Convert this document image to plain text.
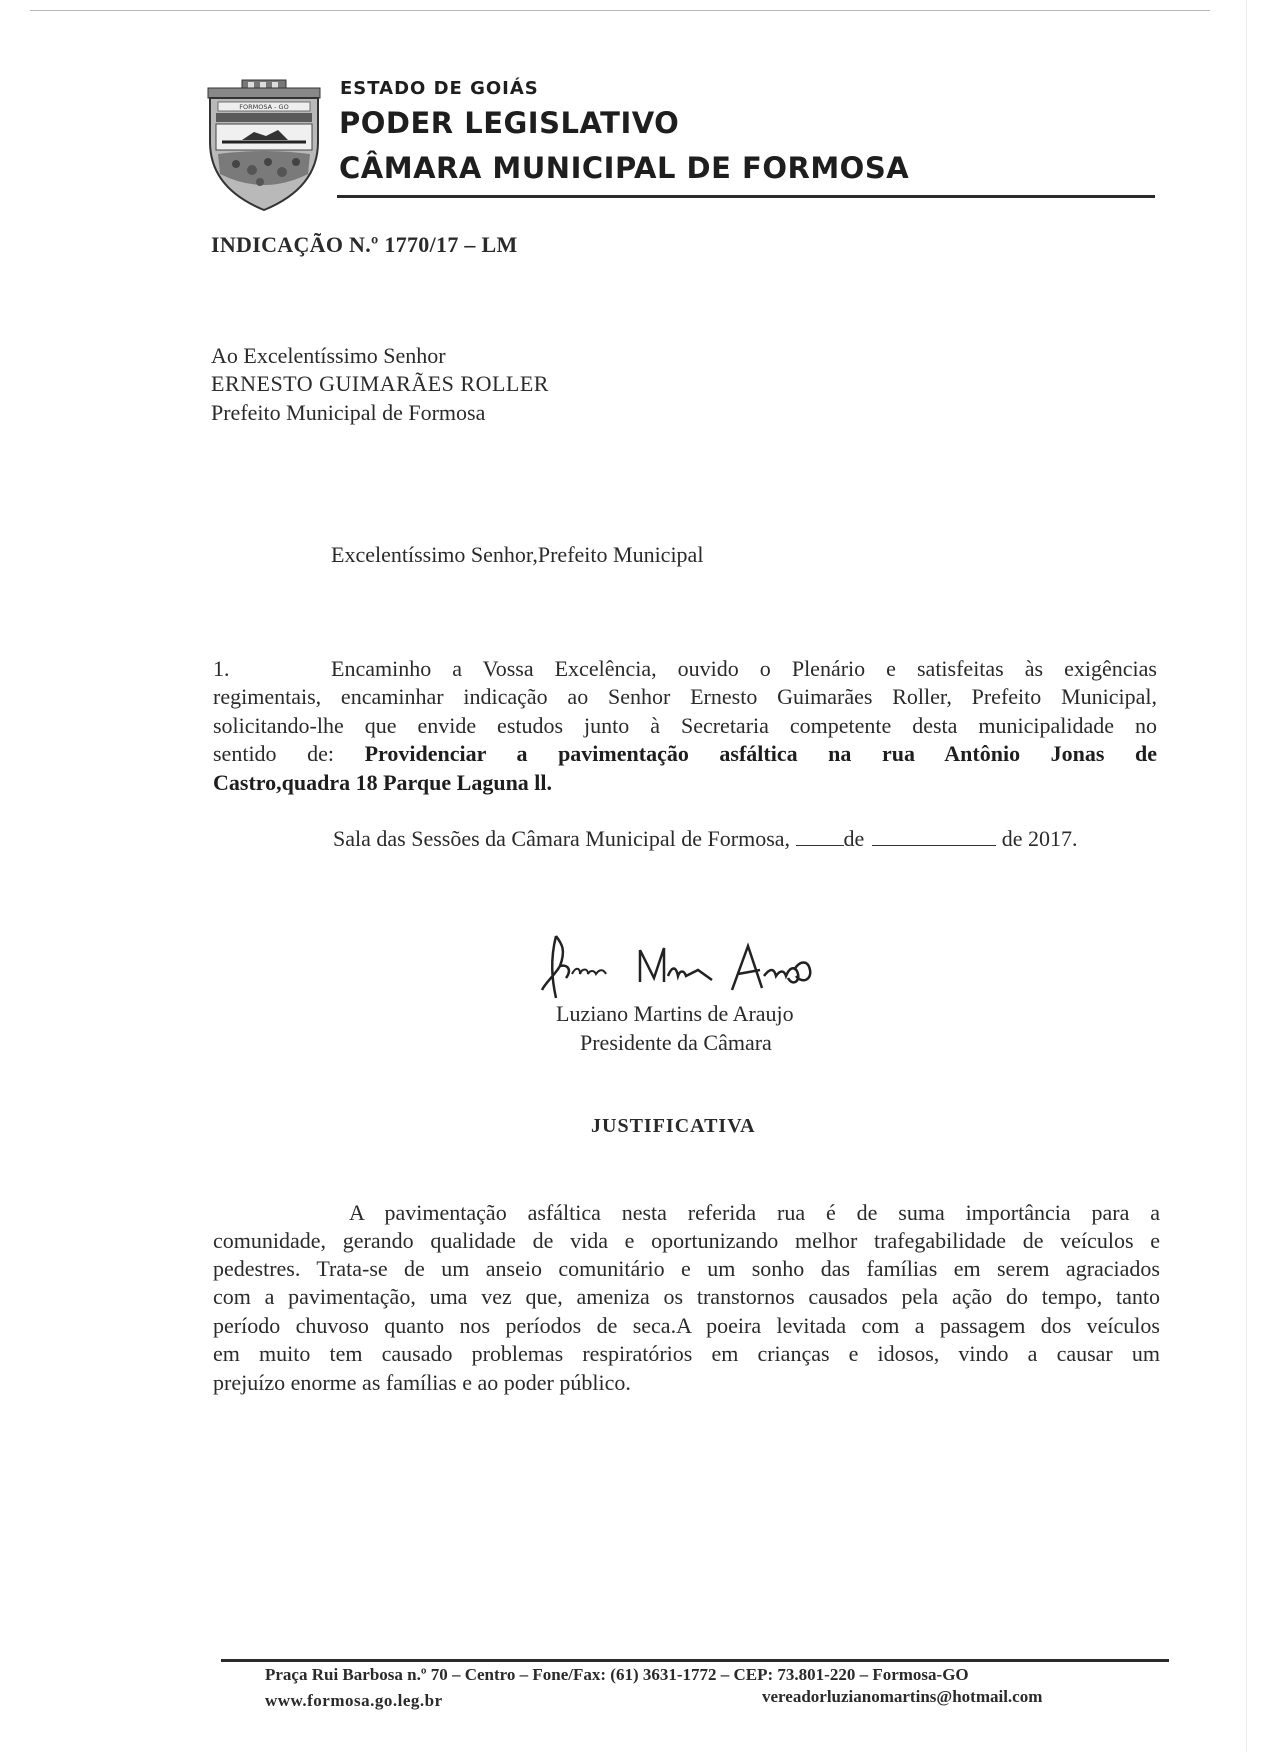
FORMOSA - GO
ESTADO DE GOIÁS
PODER LEGISLATIVO
CÂMARA MUNICIPAL DE FORMOSA
INDICAÇÃO N.º 1770/17 – LM
Ao Excelentíssimo Senhor
ERNESTO GUIMARÃES ROLLER
Prefeito Municipal de Formosa
Excelentíssimo Senhor,Prefeito Municipal
1.	Encaminho a Vossa Excelência, ouvido o Plenário e satisfeitas às exigências
regimentais, encaminhar indicação ao Senhor Ernesto Guimarães Roller, Prefeito Municipal,
solicitando-lhe que envide estudos junto à Secretaria competente desta municipalidade no
sentido de: Providenciar a pavimentação asfáltica na rua Antônio Jonas de
Castro,quadra 18 Parque Laguna ll.
Sala das Sessões da Câmara Municipal de Formosa, de	de 2017.
Luziano Martins de Araujo
Presidente da Câmara
JUSTIFICATIVA
A pavimentação asfáltica nesta referida rua é de suma importância para a
comunidade, gerando qualidade de vida e oportunizando melhor trafegabilidade de veículos e
pedestres. Trata-se de um anseio comunitário e um sonho das famílias em serem agraciados
com a pavimentação, uma vez que, ameniza os transtornos causados pela ação do tempo, tanto
período chuvoso quanto nos períodos de seca.A poeira levitada com a passagem dos veículos
em muito tem causado problemas respiratórios em crianças e idosos, vindo a causar um
prejuízo enorme as famílias e ao poder público.
Praça Rui Barbosa n.º 70 – Centro – Fone/Fax: (61) 3631-1772 – CEP: 73.801-220 – Formosa-GO
www.formosa.go.leg.br	vereadorluzianomartins@hotmail.com
